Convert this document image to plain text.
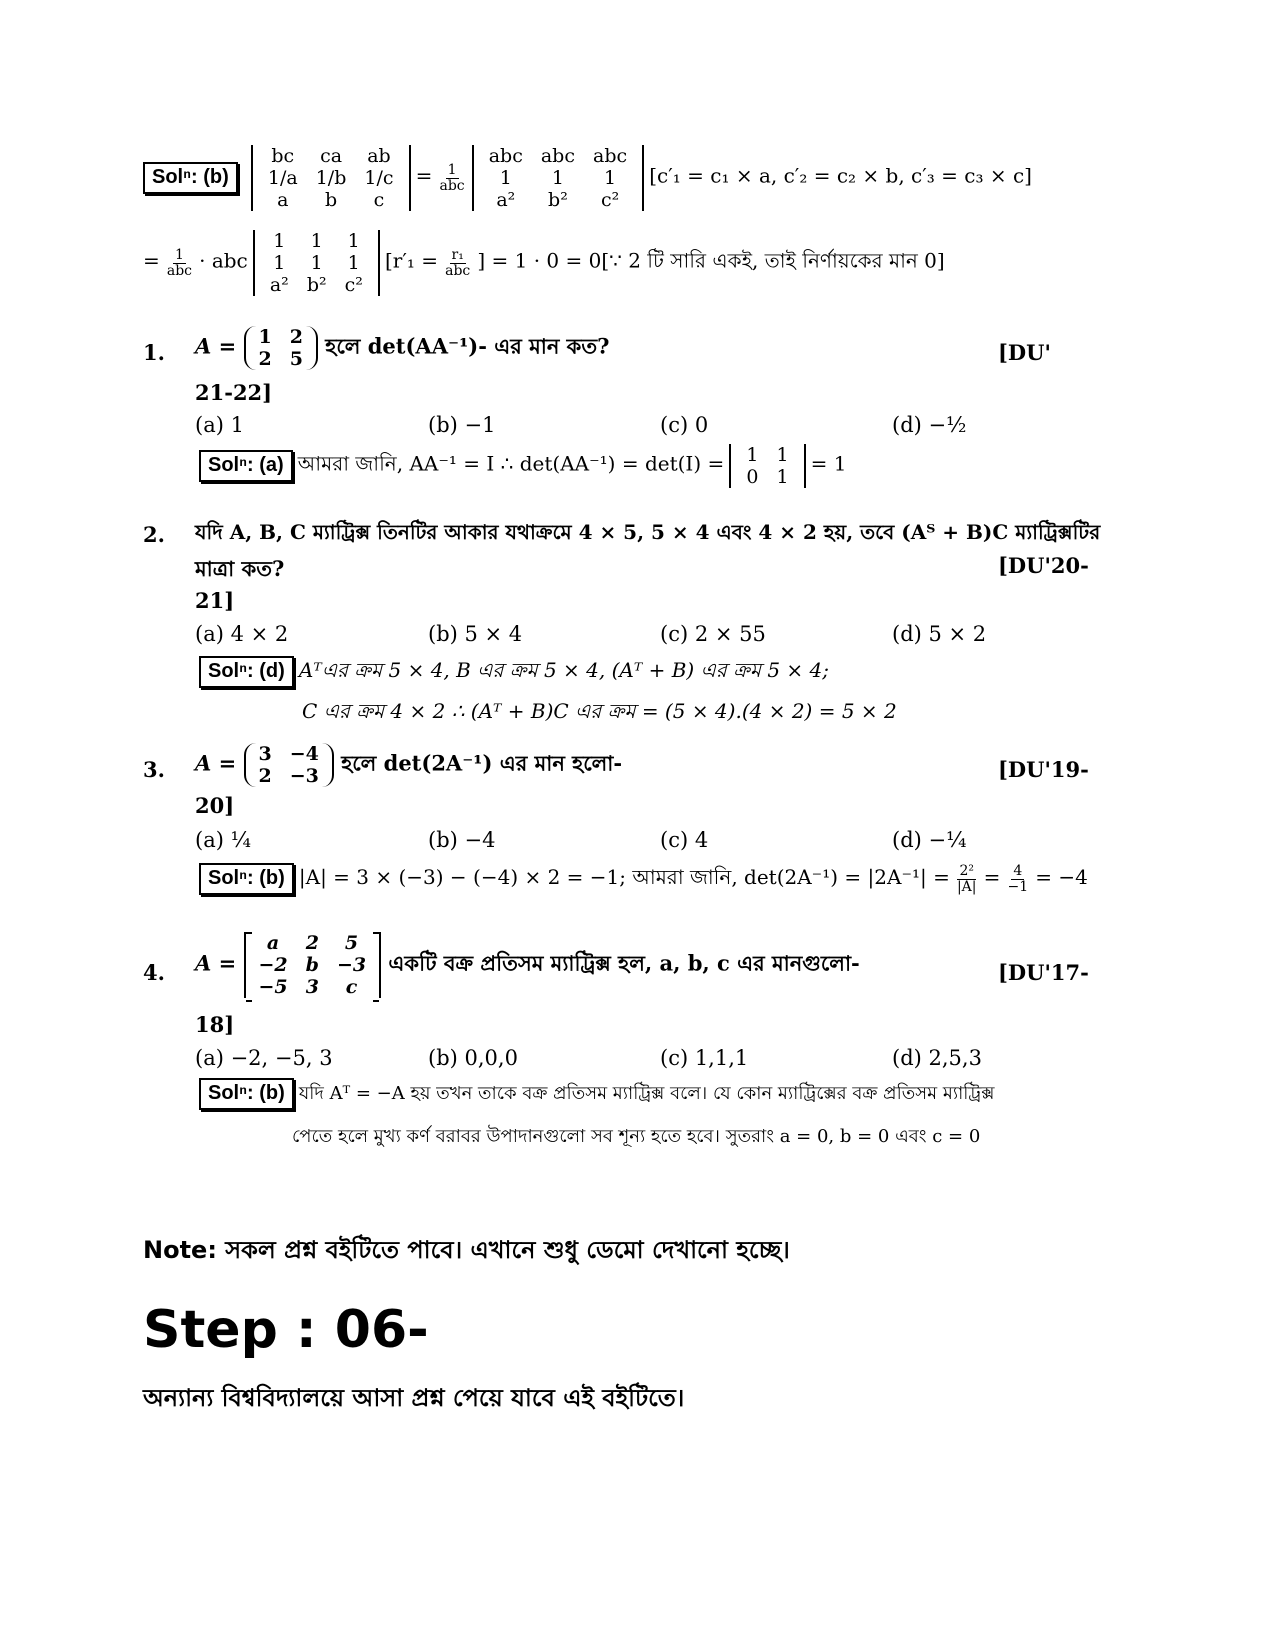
Solⁿ: (b)
bc	ca	ab
1/a	1/b	1/c
a	b	c
= $\frac{1}{\text{abc}}$

abc	abc	abc
1	1	1
a²	b²	c²
[c′₁ = c₁ × a, c′₂ = c₂ × b, c′₃ = c₃ × c]
= $\frac{1}{\text{abc}}$ · abc
1	1	1
1	1	1
a²	b²	c²
[$r'_1 = \frac{\text{r₁}}{\text{abc}}$ ] = 1 · 0 = 0[∵ 2 টি সারি একই, তাই নির্ণায়কের মান 0]
1. A = 1	2
2	5
হলে det(AA⁻¹)- এর মান কত?	[DU'
21-22]
(a) 1	(b) −1	(c) 0	(d) −½
Solⁿ: (a) আমরা জানি, AA⁻¹ = I ∴ det(AA⁻¹) = det(I) = 1	1
0	1
= 1
2. যদি A, B, C ম্যাট্রিক্স তিনটির আকার যথাক্রমে 4 × 5, 5 × 4 এবং 4 × 2 হয়, তবে (Aᵀ + B)C ম্যাট্রিক্সটির
মাত্রা কত?	[DU'20-
21]
(a) 4 × 2	(b) 5 × 4	(c) 2 × 55	(d) 5 × 2
Solⁿ: (d) Aᵀএর ক্রম 5 × 4, B এর ক্রম 5 × 4, (Aᵀ + B) এর ক্রম 5 × 4;
C এর ক্রম 4 × 2 ∴ (Aᵀ + B)C এর ক্রম = (5 × 4).(4 × 2) = 5 × 2
3. A = 3	−4
2	−3
হলে det(2A⁻¹) এর মান হলো-	[DU'19-
20]
(a) ¼	(b) −4	(c) 4	(d) −¼
Solⁿ: (b) |A| = 3 × (−3) − (−4) × 2 = −1; আমরা জানি, $\det(2A^{-1}) = |2A^{-1}| = \frac{\text{2²}}{|A|} = \frac{4}{-1} = -4$
4. A =
a	2	5
−2	b	−3
−5	3	c
একটি বক্র প্রতিসম ম্যাট্রিক্স হল, a, b, c এর মানগুলো-	[DU'17-
18]
(a) −2, −5, 3	(b) 0,0,0	(c) 1,1,1	(d) 2,5,3
Solⁿ: (b) যদি Aᵀ = −A হয় তখন তাকে বক্র প্রতিসম ম্যাট্রিক্স বলে। যে কোন ম্যাট্রিক্সের বক্র প্রতিসম ম্যাট্রিক্স
পেতে হলে মুখ্য কর্ণ বরাবর উপাদানগুলো সব শূন্য হতে হবে। সুতরাং a = 0, b = 0 এবং c = 0
Note: সকল প্রশ্ন বইটিতে পাবে। এখানে শুধু ডেমো দেখানো হচ্ছে।
Step : 06-
অন্যান্য বিশ্ববিদ্যালয়ে আসা প্রশ্ন পেয়ে যাবে এই বইটিতে।
